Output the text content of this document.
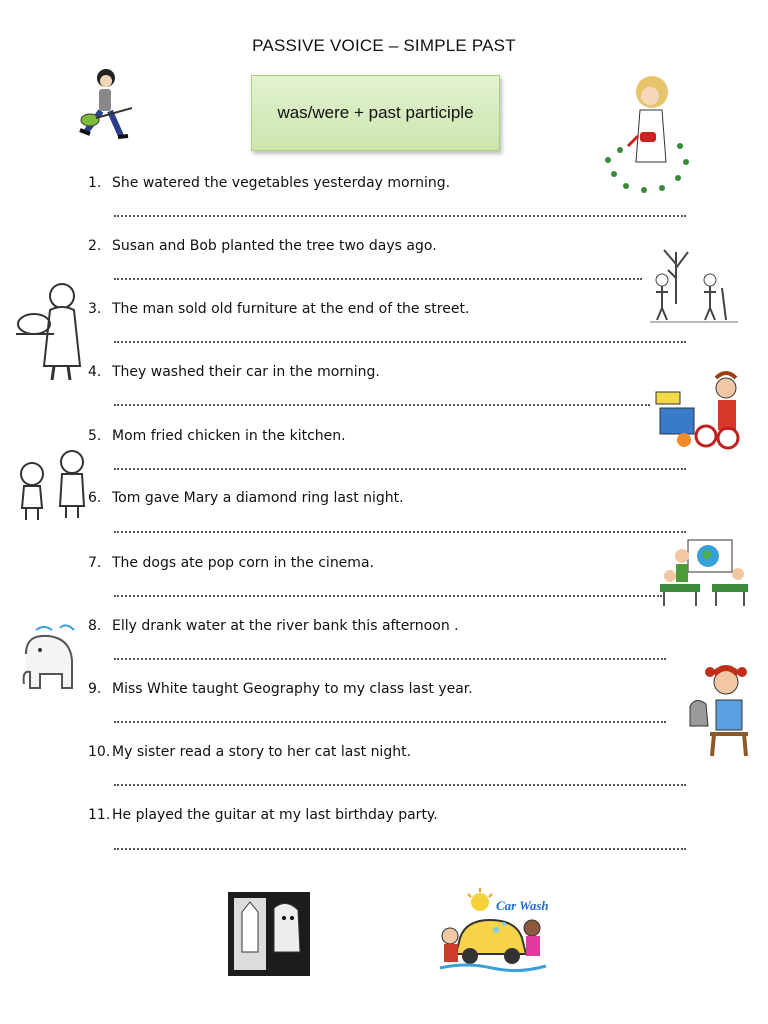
PASSIVE VOICE – SIMPLE PAST
was/were + past participle
1. She watered the vegetables yesterday morning.
2. Susan and Bob planted the tree two days ago.
3. The man sold old furniture at the end of the street.
4. They washed their car in the morning.
5. Mom fried chicken in the kitchen.
6. Tom gave Mary a diamond ring last night.
7. The dogs ate pop corn in the cinema.
8. Elly drank water at the river bank this afternoon .
9. Miss White taught Geography to my class last year.
10. My sister read a story to her cat last night.
11. He played the guitar at my last birthday party.
Car Wash
